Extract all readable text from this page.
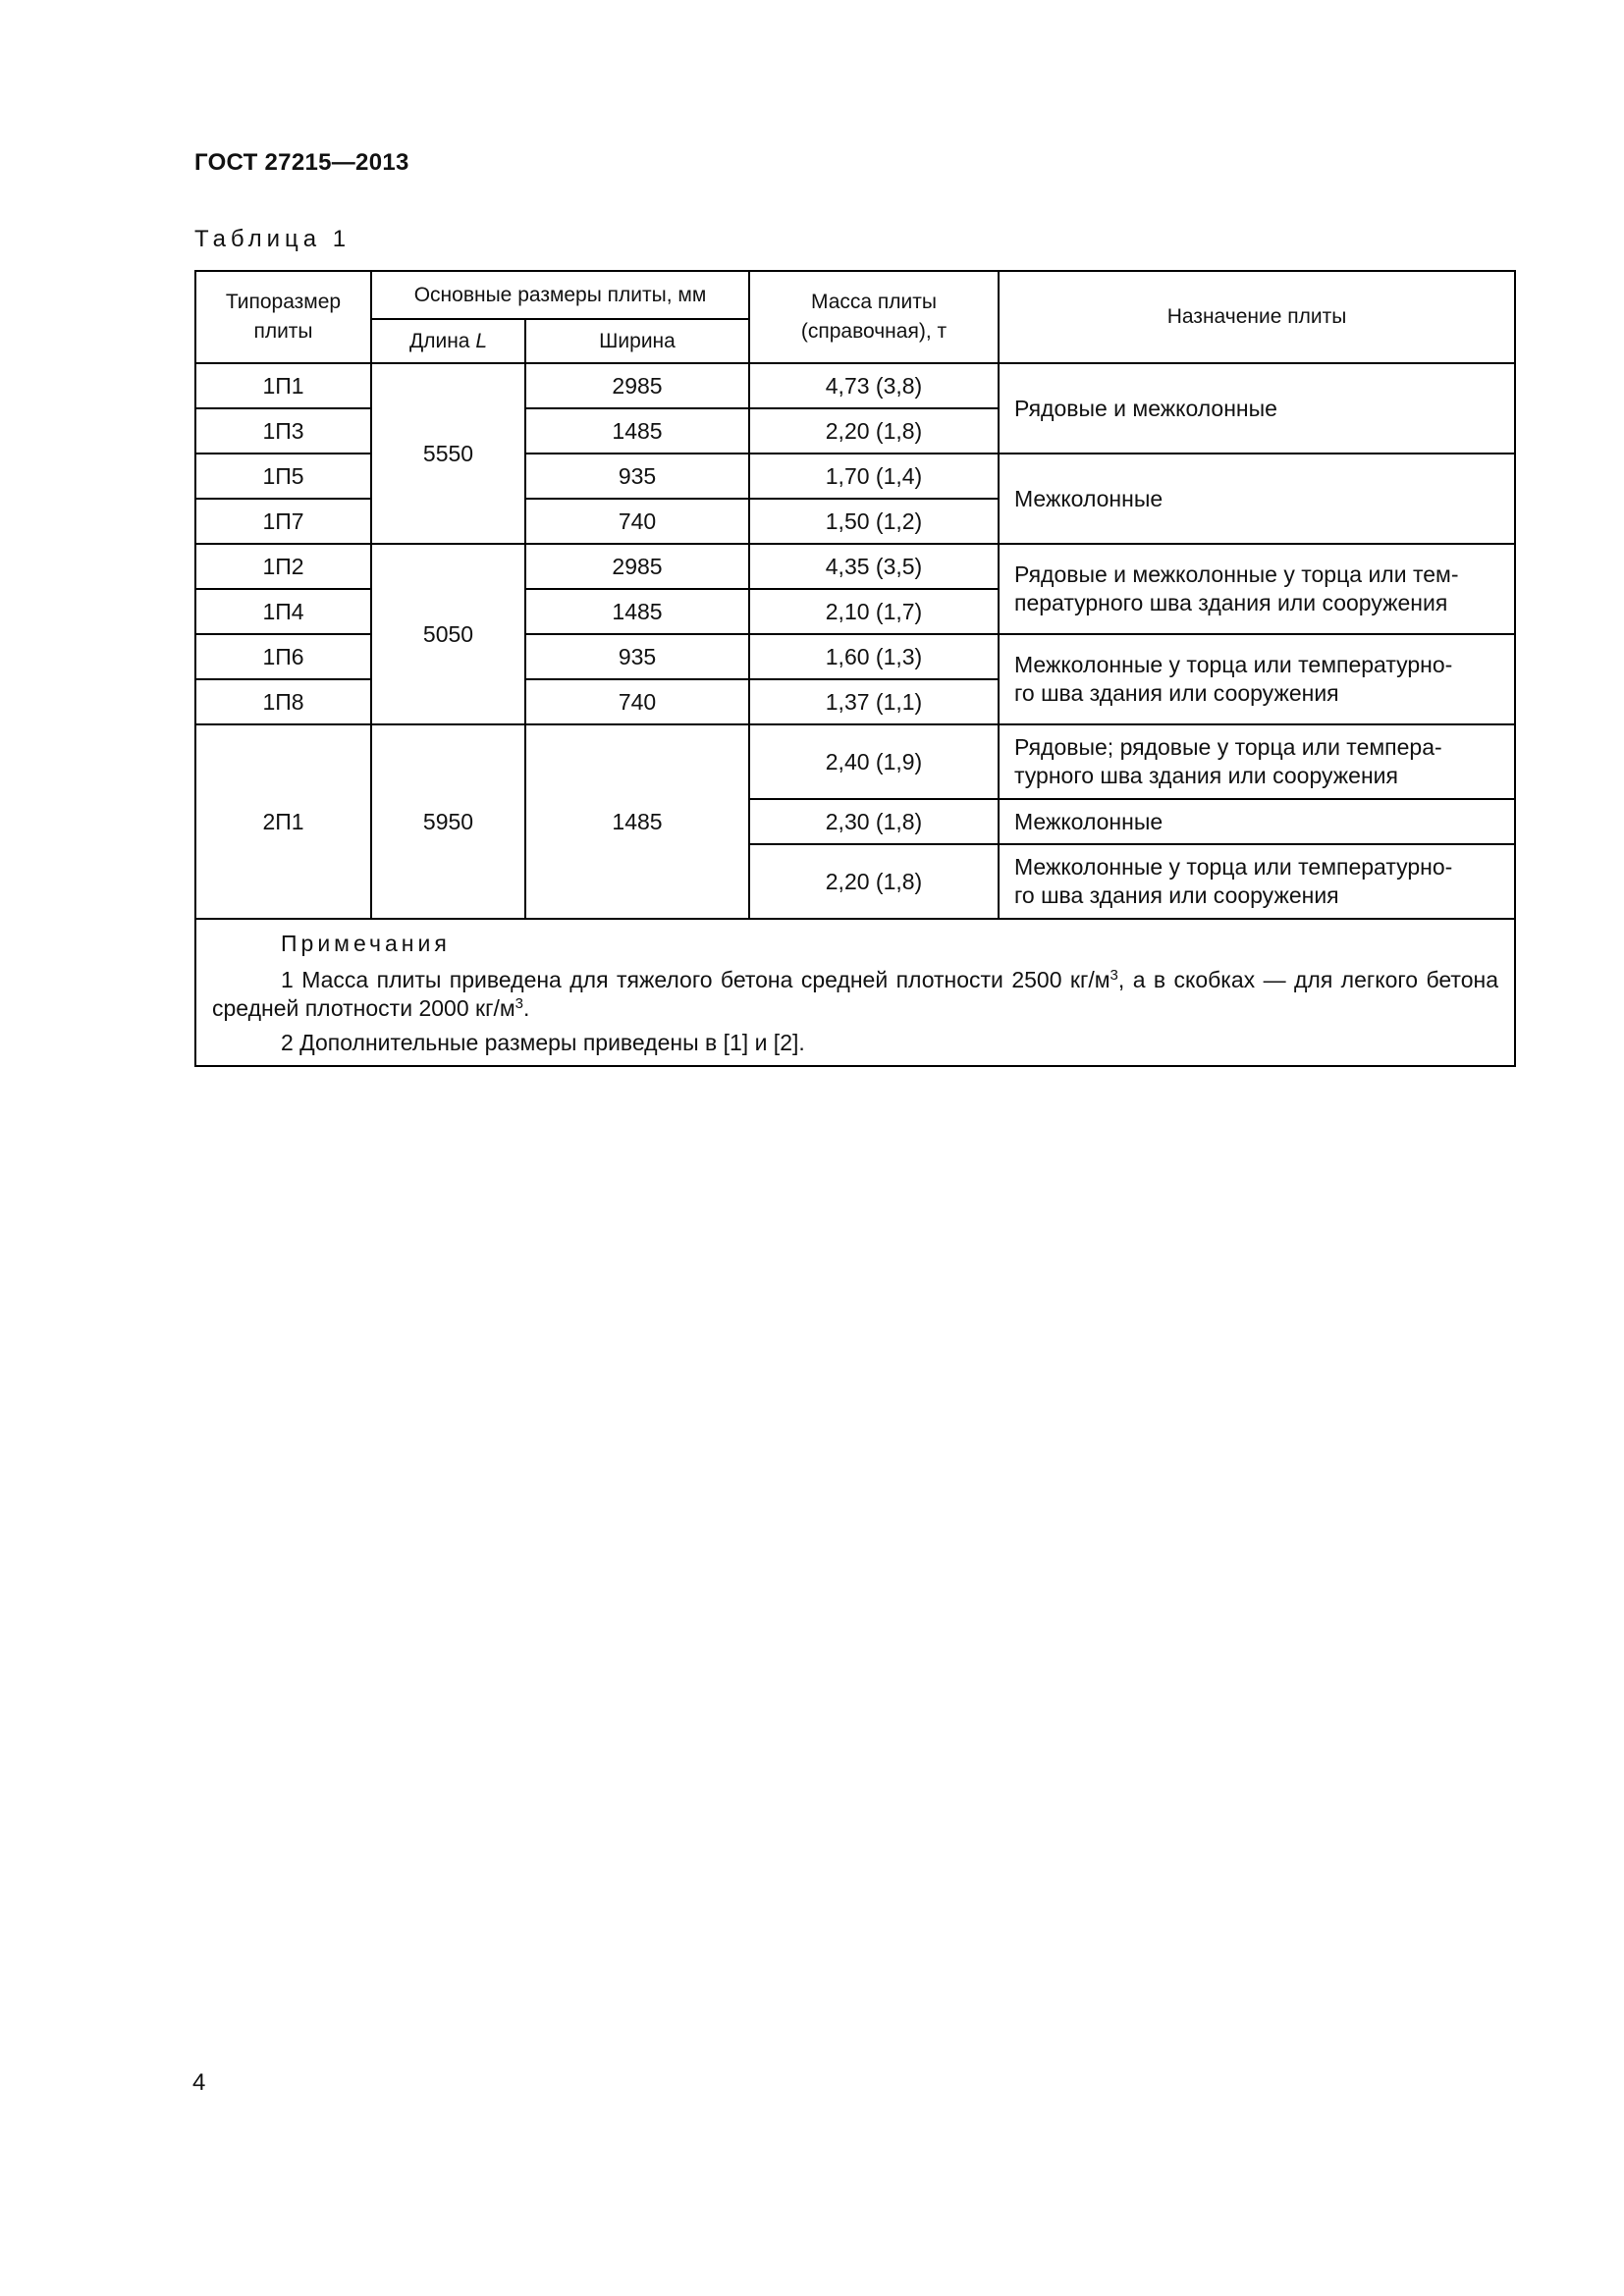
ГОСТ 27215—2013
Таблица 1
Типоразмер плиты	Основные размеры плиты, мм		Масса плиты (справочная), т	Назначение плиты
	Длина L	Ширина		
1П1	5550	2985	4,73 (3,8)	Рядовые и межколонные

1П3		1485	2,20 (1,8)	
1П5		935	1,70 (1,4)	Межколонные

1П7		740	1,50 (1,2)	
1П2	5050	2985	4,35 (3,5)	Рядовые и межколонные у торца или тем-
пературного шва здания или сооружения

1П4		1485	2,10 (1,7)	
1П6		935	1,60 (1,3)	Межколонные у торца или температурно-
го шва здания или сооружения

1П8		740	1,37 (1,1)	
2П1	5950	1485	2,40 (1,9)	Рядовые; рядовые у торца или темпера-
турного шва здания или сооружения

			2,30 (1,8)	Межколонные

			2,20 (1,8)	Межколонные у торца или температурно-
го шва здания или сооружения

Примечания
1 Масса плиты приведена для тяжелого бетона средней плотности 2500 $кг/м^3$, а в скобках — для легкого бетона средней плотности 2000 $кг/м^3$.
2 Дополнительные размеры приведены в [1] и [2].				
4
